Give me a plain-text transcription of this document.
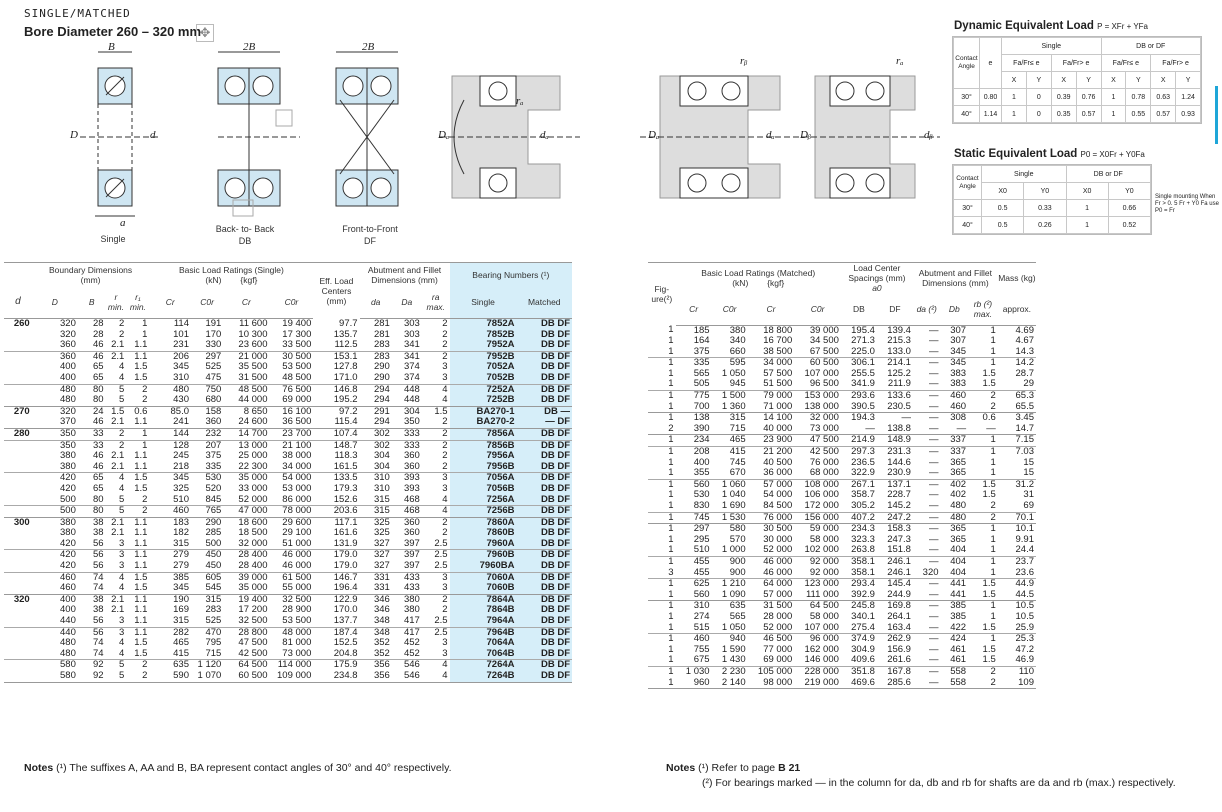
SINGLE/MATCHED
Bore Diameter 260 – 320 mm
✥
B	2B	2B
a
D	d	Dₐ	dₐ
rₐ
Single
Back- to- Back
DB
Front-to-Front
DF
Dₐ	dₐ Dᵦ	dᵦ
rᵦ	rₐ
Dynamic Equivalent Load P = XFr + YFa
Contact Angle	e	Single				DB or DF			
		Fa/Fr≤ e		Fa/Fr> e		Fa/Fr≤ e		Fa/Fr> e	
		X	Y	X	Y	X	Y	X	Y
30°	0.80	1	0	0.39	0.76	1	0.78	0.63	1.24
40°	1.14	1	0	0.35	0.57	1	0.55	0.57	0.93
Static Equivalent Load P0 = X0Fr + Y0Fa
Contact Angle	Single		DB or DF	
	X0	Y0	X0	Y0
30°	0.5	0.33	1	0.66
40°	0.5	0.26	1	0.52
Single mounting When Fr > 0. 5 Fr + Y0 Fa use P0 = Fr
	Boundary Dimensions
(mm)				Basic Load Ratings (Single)
(kN) {kgf}				Eff. Load Centers (mm)	Abutment and Fillet Dimensions (mm)			Bearing Numbers (¹)	
d	D	B	r
min.	r₁
min.	Cr	C0r	Cr	C0r		da	Da	ra
max.	Single	Matched
260	320	28	2	1	114	191	11 600	19 400	97.7	281	303	2	7852A	DB DF
	320	28	2	1	101	170	10 300	17 300	135.7	281	303	2	7852B	DB DF
	360	46	2.1	1.1	231	330	23 600	33 500	112.5	283	341	2	7952A	DB DF
	360	46	2.1	1.1	206	297	21 000	30 500	153.1	283	341	2	7952B	DB DF
	400	65	4	1.5	345	525	35 500	53 500	127.8	290	374	3	7052A	DB DF
	400	65	4	1.5	310	475	31 500	48 500	171.0	290	374	3	7052B	DB DF
	480	80	5	2	480	750	48 500	76 500	146.8	294	448	4	7252A	DB DF
	480	80	5	2	430	680	44 000	69 000	195.2	294	448	4	7252B	DB DF
270	320	24	1.5	0.6	85.0	158	8 650	16 100	97.2	291	304	1.5	BA270-1	DB —
	370	46	2.1	1.1	241	360	24 600	36 500	115.4	294	350	2	BA270-2	— DF
280	350	33	2	1	144	232	14 700	23 700	107.4	302	333	2	7856A	DB DF
	350	33	2	1	128	207	13 000	21 100	148.7	302	333	2	7856B	DB DF
	380	46	2.1	1.1	245	375	25 000	38 000	118.3	304	360	2	7956A	DB DF
	380	46	2.1	1.1	218	335	22 300	34 000	161.5	304	360	2	7956B	DB DF
	420	65	4	1.5	345	530	35 000	54 000	133.5	310	393	3	7056A	DB DF
	420	65	4	1.5	325	520	33 000	53 000	179.3	310	393	3	7056B	DB DF
	500	80	5	2	510	845	52 000	86 000	152.6	315	468	4	7256A	DB DF
	500	80	5	2	460	765	47 000	78 000	203.6	315	468	4	7256B	DB DF
300	380	38	2.1	1.1	183	290	18 600	29 600	117.1	325	360	2	7860A	DB DF
	380	38	2.1	1.1	182	285	18 500	29 100	161.6	325	360	2	7860B	DB DF
	420	56	3	1.1	315	500	32 000	51 000	131.9	327	397	2.5	7960A	DB DF
	420	56	3	1.1	279	450	28 400	46 000	179.0	327	397	2.5	7960B	DB DF
	420	56	3	1.1	279	450	28 400	46 000	179.0	327	397	2.5	7960BA	DB DF
	460	74	4	1.5	385	605	39 000	61 500	146.7	331	433	3	7060A	DB DF
	460	74	4	1.5	345	545	35 000	55 000	196.4	331	433	3	7060B	DB DF
320	400	38	2.1	1.1	190	315	19 400	32 500	122.9	346	380	2	7864A	DB DF
	400	38	2.1	1.1	169	283	17 200	28 900	170.0	346	380	2	7864B	DB DF
	440	56	3	1.1	315	525	32 500	53 500	137.7	348	417	2.5	7964A	DB DF
	440	56	3	1.1	282	470	28 800	48 000	187.4	348	417	2.5	7964B	DB DF
	480	74	4	1.5	465	795	47 500	81 000	152.5	352	452	3	7064A	DB DF
	480	74	4	1.5	415	715	42 500	73 000	204.8	352	452	3	7064B	DB DF
	580	92	5	2	635	1 120	64 500	114 000	175.9	356	546	4	7264A	DB DF
	580	92	5	2	590	1 070	60 500	109 000	234.8	356	546	4	7264B	DB DF
Fig-ure(²)	Basic Load Ratings (Matched)
(kN) {kgf}				Load Center Spacings (mm)
a0		Abutment and Fillet Dimensions (mm)			Mass (kg)
	Cr	C0r	Cr	C0r	DB	DF	da (²)	Db	rb (²)
max.	approx.
1	185	380	18 800	39 000	195.4	139.4	—	307	1	4.69
1	164	340	16 700	34 500	271.3	215.3	—	307	1	4.67
1	375	660	38 500	67 500	225.0	133.0	—	345	1	14.3
1	335	595	34 000	60 500	306.1	214.1	—	345	1	14.2
1	565	1 050	57 500	107 000	255.5	125.2	—	383	1.5	28.7
1	505	945	51 500	96 500	341.9	211.9	—	383	1.5	29
1	775	1 500	79 000	153 000	293.6	133.6	—	460	2	65.3
1	700	1 360	71 000	138 000	390.5	230.5	—	460	2	65.5
1	138	315	14 100	32 000	194.3	—	—	308	0.6	3.45
2	390	715	40 000	73 000	—	138.8	—	—	—	14.7
1	234	465	23 900	47 500	214.9	148.9	—	337	1	7.15
1	208	415	21 200	42 500	297.3	231.3	—	337	1	7.03
1	400	745	40 500	76 000	236.5	144.6	—	365	1	15
1	355	670	36 000	68 000	322.9	230.9	—	365	1	15
1	560	1 060	57 000	108 000	267.1	137.1	—	402	1.5	31.2
1	530	1 040	54 000	106 000	358.7	228.7	—	402	1.5	31
1	830	1 690	84 500	172 000	305.2	145.2	—	480	2	69
1	745	1 530	76 000	156 000	407.2	247.2	—	480	2	70.1
1	297	580	30 500	59 000	234.3	158.3	—	365	1	10.1
1	295	570	30 000	58 000	323.3	247.3	—	365	1	9.91
1	510	1 000	52 000	102 000	263.8	151.8	—	404	1	24.4
1	455	900	46 000	92 000	358.1	246.1	—	404	1	23.7
3	455	900	46 000	92 000	358.1	246.1	320	404	1	23.6
1	625	1 210	64 000	123 000	293.4	145.4	—	441	1.5	44.9
1	560	1 090	57 000	111 000	392.9	244.9	—	441	1.5	44.5
1	310	635	31 500	64 500	245.8	169.8	—	385	1	10.5
1	274	565	28 000	58 000	340.1	264.1	—	385	1	10.5
1	515	1 050	52 000	107 000	275.4	163.4	—	422	1.5	25.9
1	460	940	46 500	96 000	374.9	262.9	—	424	1	25.3
1	755	1 590	77 000	162 000	304.9	156.9	—	461	1.5	47.2
1	675	1 430	69 000	146 000	409.6	261.6	—	461	1.5	46.9
1	1 030	2 230	105 000	228 000	351.8	167.8	—	558	2	110
1	960	2 140	98 000	219 000	469.6	285.6	—	558	2	109
Notes (¹) The suffixes A, AA and B, BA represent contact angles of 30° and 40° respectively.	Notes (¹) Refer to page B 21
(²) For bearings marked — in the column for da, db and rb for shafts are da and rb (max.) respectively.
